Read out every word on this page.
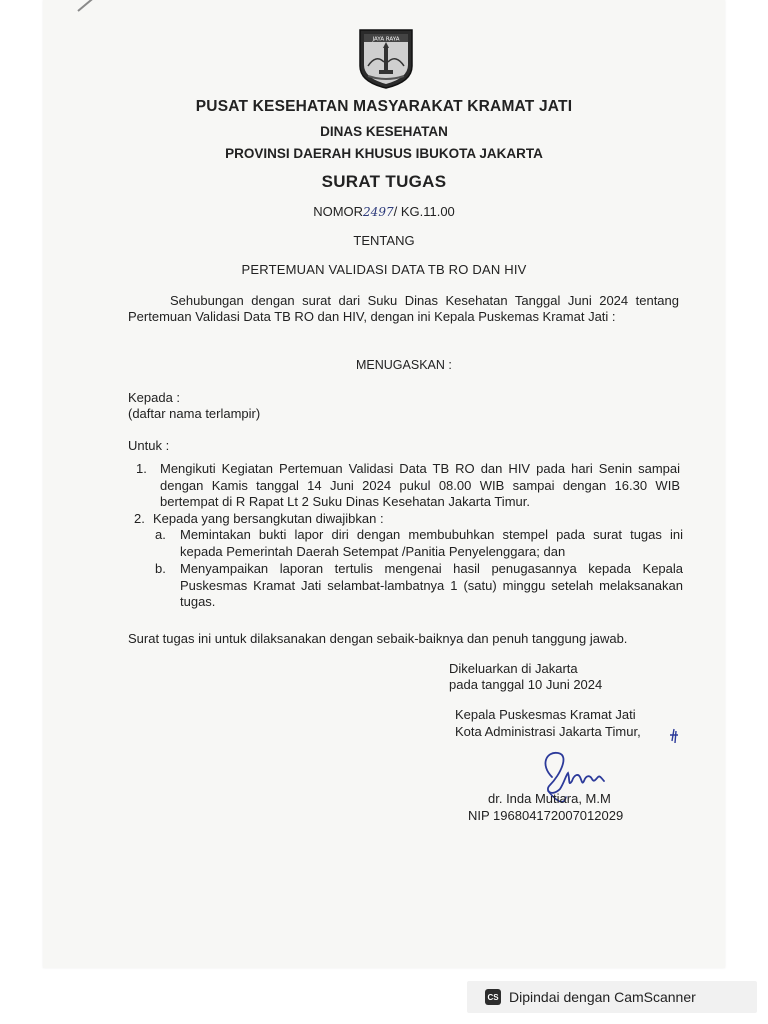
JAYA RAYA
PUSAT KESEHATAN MASYARAKAT KRAMAT JATI
DINAS KESEHATAN
PROVINSI DAERAH KHUSUS IBUKOTA JAKARTA
SURAT TUGAS
NOMOR2497/ KG.11.00
TENTANG
PERTEMUAN VALIDASI DATA TB RO DAN HIV
Sehubungan dengan surat dari Suku Dinas Kesehatan Tanggal Juni 2024 tentang Pertemuan Validasi Data TB RO dan HIV, dengan ini Kepala Puskemas Kramat Jati :
MENUGASKAN :
Kepada :
(daftar nama terlampir)
Untuk :
1. Mengikuti Kegiatan Pertemuan Validasi Data TB RO dan HIV pada hari Senin sampai dengan Kamis tanggal 14 Juni 2024 pukul 08.00 WIB sampai dengan 16.30 WIB bertempat di R Rapat Lt 2 Suku Dinas Kesehatan Jakarta Timur.
2. Kepada yang bersangkutan diwajibkan :
a. Memintakan bukti lapor diri dengan membubuhkan stempel pada surat tugas ini kepada Pemerintah Daerah Setempat /Panitia Penyelenggara; dan
b. Menyampaikan laporan tertulis mengenai hasil penugasannya kepada Kepala Puskesmas Kramat Jati selambat-lambatnya 1 (satu) minggu setelah melaksanakan tugas.
Surat tugas ini untuk dilaksanakan dengan sebaik-baiknya dan penuh tanggung jawab.
Dikeluarkan di Jakarta
pada tanggal 10 Juni 2024
Kepala Puskesmas Kramat Jati
Kota Administrasi Jakarta Timur,
dr. Inda Mutiara, M.M
NIP 196804172007012029
CS Dipindai dengan CamScanner
